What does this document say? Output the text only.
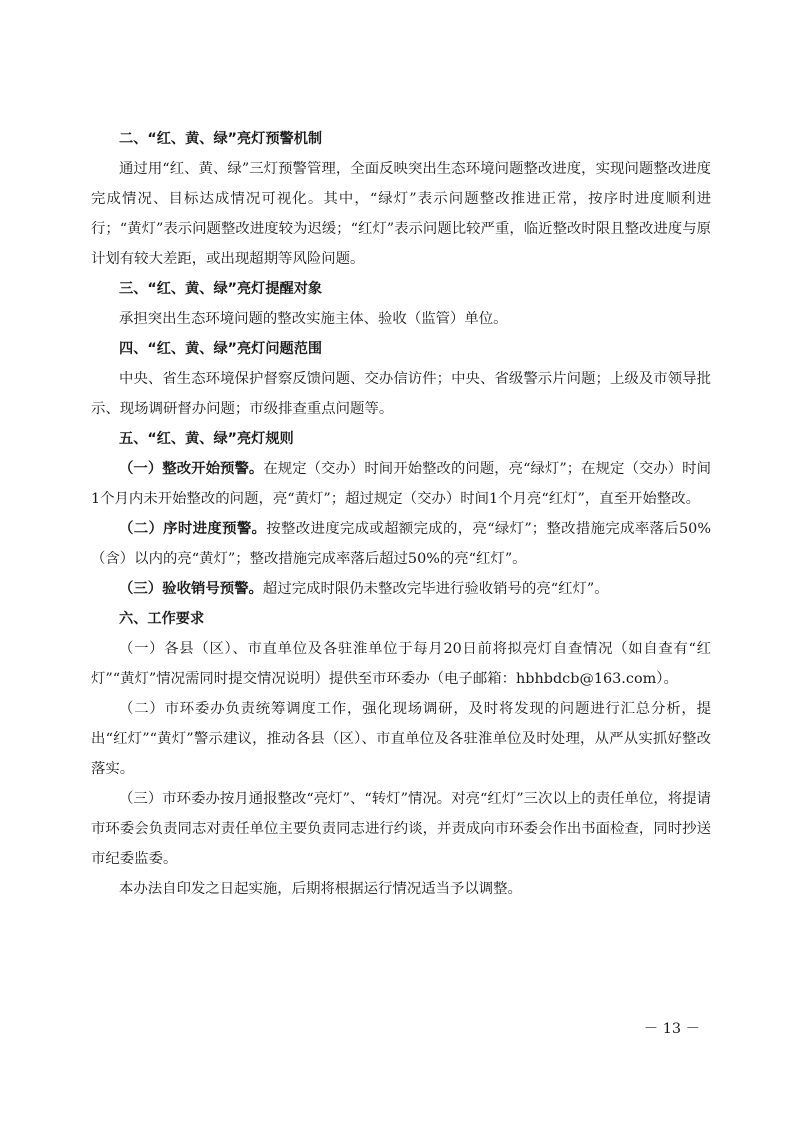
二、“红、黄、绿”亮灯预警机制

通过用“红、黄、绿”三灯预警管理，全面反映突出生态环境问题整改进度，实现问题整改进度完成情况、目标达成情况可视化。其中，“绿灯”表示问题整改推进正常，按序时进度顺利进行；“黄灯”表示问题整改进度较为迟缓；“红灯”表示问题比较严重，临近整改时限且整改进度与原计划有较大差距，或出现超期等风险问题。

三、“红、黄、绿”亮灯提醒对象

承担突出生态环境问题的整改实施主体、验收（监管）单位。

四、“红、黄、绿”亮灯问题范围

中央、省生态环境保护督察反馈问题、交办信访件；中央、省级警示片问题；上级及市领导批示、现场调研督办问题；市级排查重点问题等。

五、“红、黄、绿”亮灯规则

（一）整改开始预警。在规定（交办）时间开始整改的问题，亮“绿灯”；在规定（交办）时间1个月内未开始整改的问题，亮“黄灯”；超过规定（交办）时间1个月亮“红灯”，直至开始整改。

（二）序时进度预警。按整改进度完成或超额完成的，亮“绿灯”；整改措施完成率落后50%（含）以内的亮“黄灯”；整改措施完成率落后超过50%的亮“红灯”。

（三）验收销号预警。超过完成时限仍未整改完毕进行验收销号的亮“红灯”。

六、工作要求

（一）各县（区）、市直单位及各驻淮单位于每月20日前将拟亮灯自查情况（如自查有“红灯”“黄灯”情况需同时提交情况说明）提供至市环委办（电子邮箱：hbhbdcb@163.com）。

（二）市环委办负责统筹调度工作，强化现场调研，及时将发现的问题进行汇总分析，提出“红灯”“黄灯”警示建议，推动各县（区）、市直单位及各驻淮单位及时处理，从严从实抓好整改落实。

（三）市环委办按月通报整改“亮灯”、“转灯”情况。对亮“红灯”三次以上的责任单位，将提请市环委会负责同志对责任单位主要负责同志进行约谈，并责成向市环委会作出书面检查，同时抄送市纪委监委。

本办法自印发之日起实施，后期将根据运行情况适当予以调整。

－ 13 －
